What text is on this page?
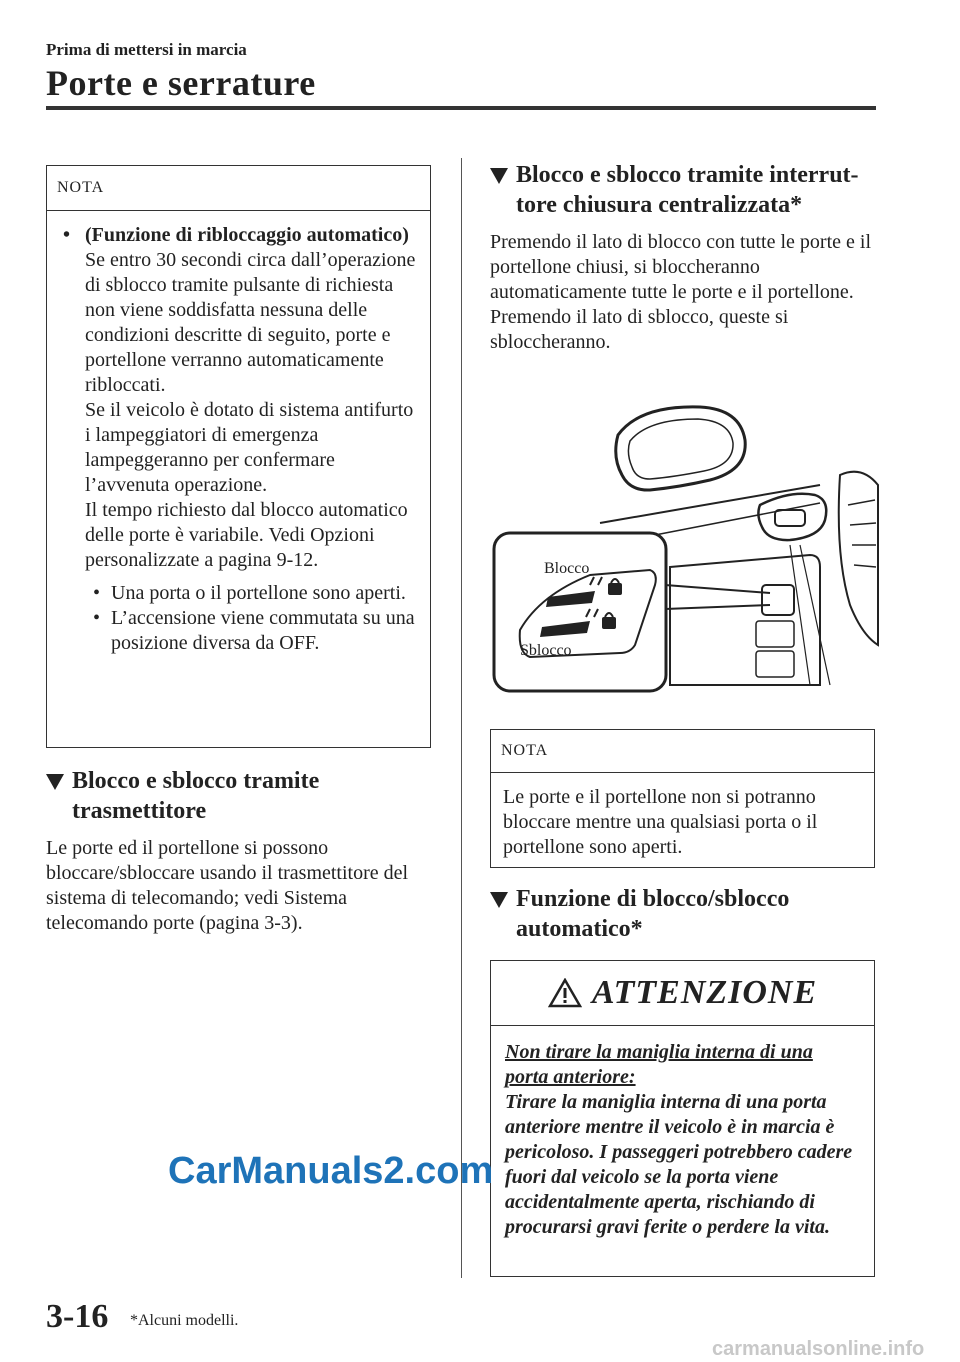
Prima di mettersi in marcia
Porte e serrature
NOTA
• (Funzione di ribloccaggio automatico)
Se entro 30 secondi circa dall’operazione di sblocco tramite pulsante di richiesta non viene soddisfatta nessuna delle condizioni descritte di seguito, porte e portellone verranno automaticamente ribloccati.
Se il veicolo è dotato di sistema antifurto i lampeggiatori di emergenza lampeggeranno per confermare l’avvenuta operazione.
Il tempo richiesto dal blocco automatico delle porte è variabile. Vedi Opzioni personalizzate a pagina 9-12.
• Una porta o il portellone sono aperti.
• L’accensione viene commutata su una posizione diversa da OFF.
Blocco e sblocco tramite trasmettitore
Le porte ed il portellone si possono bloccare/sbloccare usando il trasmettitore del sistema di telecomando; vedi Sistema telecomando porte (pagina 3-3).
Blocco e sblocco tramite interrut-tore chiusura centralizzata*
Premendo il lato di blocco con tutte le porte e il portellone chiusi, si bloccheranno automaticamente tutte le porte e il portellone.
Premendo il lato di sblocco, queste si sbloccheranno.
Blocco
Sblocco
NOTA
Le porte e il portellone non si potranno bloccare mentre una qualsiasi porta o il portellone sono aperti.
Funzione di blocco/sblocco automatico*
ATTENZIONE
Non tirare la maniglia interna di una porta anteriore:
Tirare la maniglia interna di una porta anteriore mentre il veicolo è in marcia è pericoloso. I passeggeri potrebbero cadere fuori dal veicolo se la porta viene accidentalmente aperta, rischiando di procurarsi gravi ferite o perdere la vita.
3-16 *Alcuni modelli.
CarManuals2.com
carmanualsonline.info
